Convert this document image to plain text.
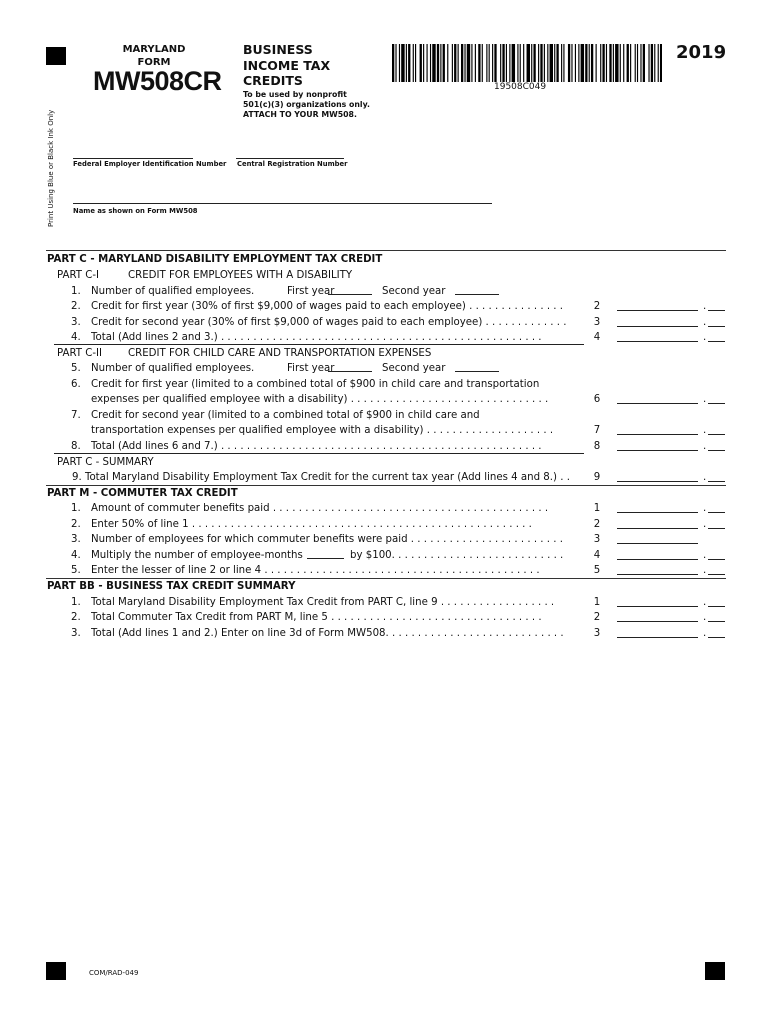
MARYLAND
FORM
MW508CR
BUSINESS
INCOME TAX
CREDITS
To be used by nonprofit 501(c)(3) organizations only. ATTACH TO YOUR MW508.
19508C049
2019
Print Using Blue or Black Ink Only	Federal Employer Identification Number Central Registration Number
Name as shown on Form MW508
PART C - MARYLAND DISABILITY EMPLOYMENT TAX CREDIT
PART C-I	CREDIT FOR EMPLOYEES WITH A DISABILITY
1. Number of qualified employees.	First year	Second year
2. Credit for first year (30% of first $9,000 of wages paid to each employee) . . . . . . . . . . . . . . .	2	.
3. Credit for second year (30% of first $9,000 of wages paid to each employee) . . . . . . . . . . . . .	3	.
4. Total (Add lines 2 and 3.) . . . . . . . . . . . . . . . . . . . . . . . . . . . . . . . . . . . . . . . . . . . . . . . . . .	4	.
PART C-II	CREDIT FOR CHILD CARE AND TRANSPORTATION EXPENSES
5. Number of qualified employees.	First year	Second year
6. Credit for first year (limited to a combined total of $900 in child care and transportation
expenses per qualified employee with a disability) . . . . . . . . . . . . . . . . . . . . . . . . . . . . . . .	6	.
7. Credit for second year (limited to a combined total of $900 in child care and
transportation expenses per qualified employee with a disability) . . . . . . . . . . . . . . . . . . . .	7	.
8. Total (Add lines 6 and 7.) . . . . . . . . . . . . . . . . . . . . . . . . . . . . . . . . . . . . . . . . . . . . . . . . . .	8	.
PART C - SUMMARY
9. Total Maryland Disability Employment Tax Credit for the current tax year (Add lines 4 and 8.) . .	9	.
PART M - COMMUTER TAX CREDIT
1. Amount of commuter benefits paid . . . . . . . . . . . . . . . . . . . . . . . . . . . . . . . . . . . . . . . . . . .	1	.
2. Enter 50% of line 1 . . . . . . . . . . . . . . . . . . . . . . . . . . . . . . . . . . . . . . . . . . . . . . . . . . . . .	2	.
3. Number of employees for which commuter benefits were paid . . . . . . . . . . . . . . . . . . . . . . . .	3
4. Multiply the number of employee-months	by $100. . . . . . . . . . . . . . . . . . . . . . . . . . .	4	.
5. Enter the lesser of line 2 or line 4 . . . . . . . . . . . . . . . . . . . . . . . . . . . . . . . . . . . . . . . . . . .	5	.
PART BB - BUSINESS TAX CREDIT SUMMARY
1. Total Maryland Disability Employment Tax Credit from PART C, line 9 . . . . . . . . . . . . . . . . . .	1	.
2. Total Commuter Tax Credit from PART M, line 5 . . . . . . . . . . . . . . . . . . . . . . . . . . . . . . . . .	2	.
3. Total (Add lines 1 and 2.) Enter on line 3d of Form MW508. . . . . . . . . . . . . . . . . . . . . . . . . . . .	3	.
COM/RAD-049
